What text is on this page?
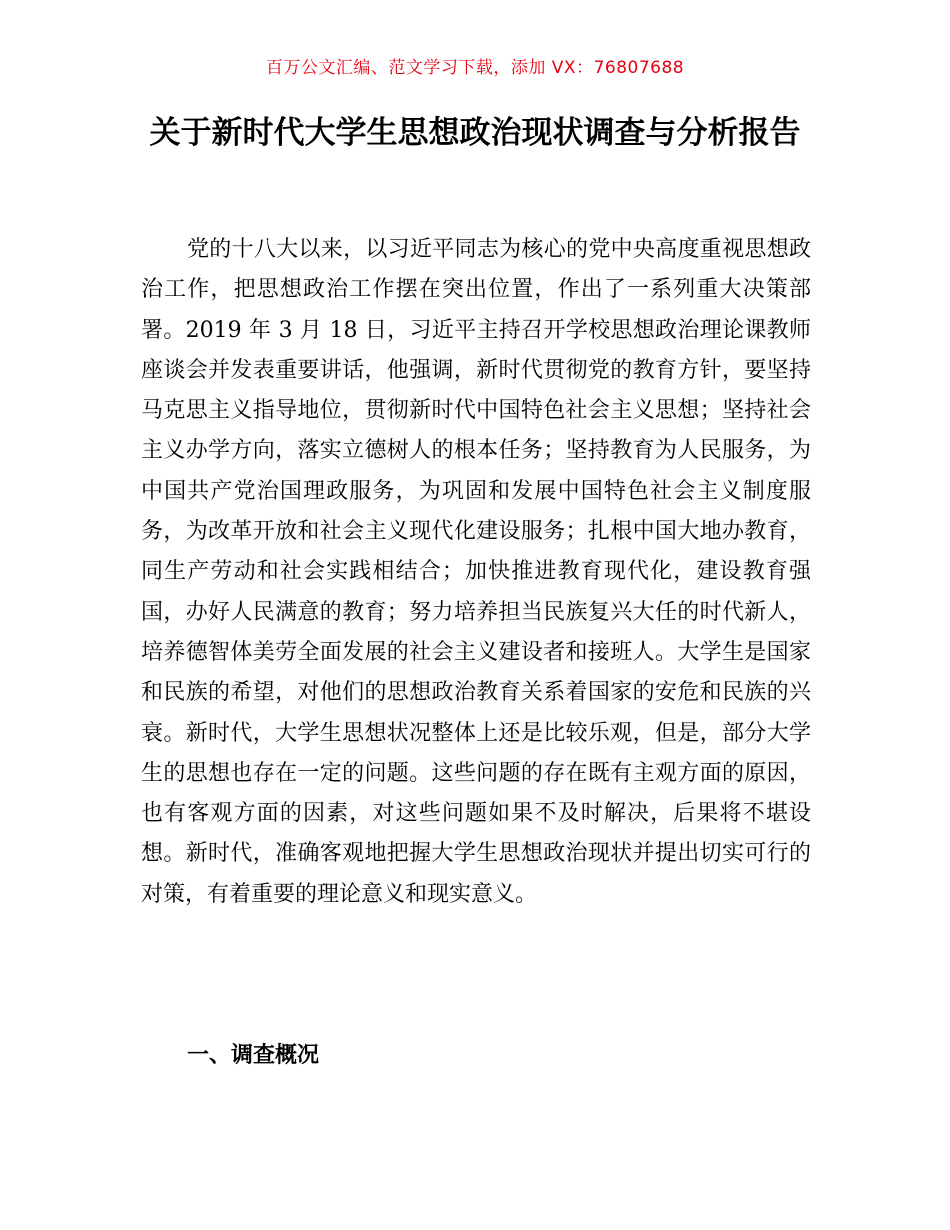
百万公文汇编、范文学习下载，添加 VX：76807688
关于新时代大学生思想政治现状调查与分析报告

党的十八大以来，以习近平同志为核心的党中央高度重视思想政治工作，把思想政治工作摆在突出位置，作出了一系列重大决策部署。2019 年 3 月 18 日，习近平主持召开学校思想政治理论课教师座谈会并发表重要讲话，他强调，新时代贯彻党的教育方针，要坚持马克思主义指导地位，贯彻新时代中国特色社会主义思想；坚持社会主义办学方向，落实立德树人的根本任务；坚持教育为人民服务，为中国共产党治国理政服务，为巩固和发展中国特色社会主义制度服务，为改革开放和社会主义现代化建设服务；扎根中国大地办教育，同生产劳动和社会实践相结合；加快推进教育现代化，建设教育强国，办好人民满意的教育；努力培养担当民族复兴大任的时代新人，培养德智体美劳全面发展的社会主义建设者和接班人。大学生是国家和民族的希望，对他们的思想政治教育关系着国家的安危和民族的兴衰。新时代，大学生思想状况整体上还是比较乐观，但是，部分大学生的思想也存在一定的问题。这些问题的存在既有主观方面的原因，也有客观方面的因素，对这些问题如果不及时解决，后果将不堪设想。新时代，准确客观地把握大学生思想政治现状并提出切实可行的对策，有着重要的理论意义和现实意义。

一、调查概况
